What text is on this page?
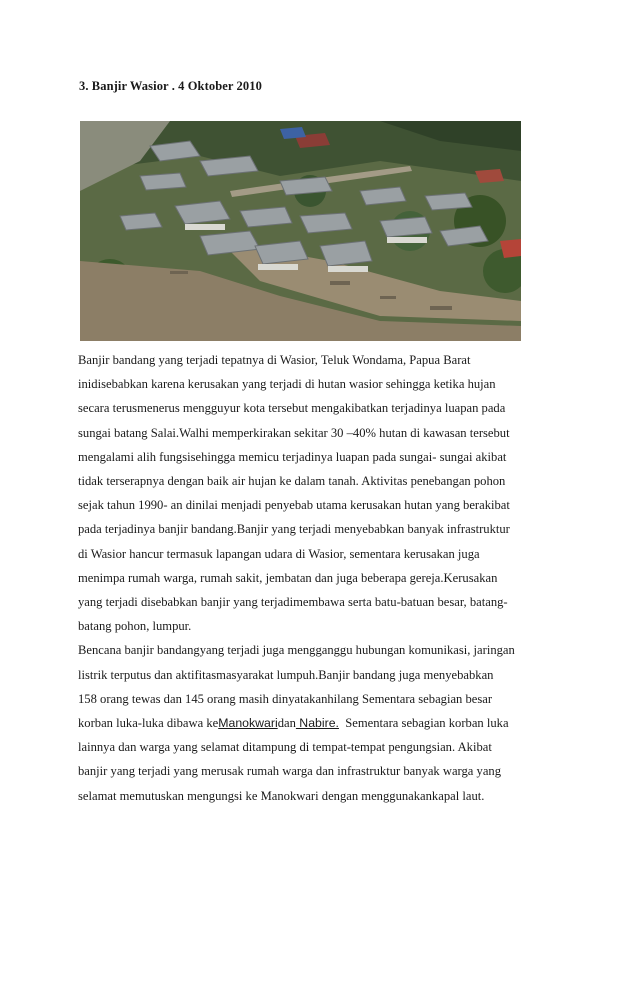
3. Banjir Wasior . 4 Oktober 2010
Banjir bandang yang terjadi tepatnya di Wasior, Teluk Wondama, Papua Barat
inidisebabkan karena kerusakan yang terjadi di hutan wasior sehingga ketika hujan
secara terusmenerus mengguyur kota tersebut mengakibatkan terjadinya luapan pada
sungai batang Salai.Walhi memperkirakan sekitar 30 –40% hutan di kawasan tersebut
mengalami alih fungsisehingga memicu terjadinya luapan pada sungai- sungai akibat
tidak terserapnya dengan baik air hujan ke dalam tanah. Aktivitas penebangan pohon
sejak tahun 1990- an dinilai menjadi penyebab utama kerusakan hutan yang berakibat
pada terjadinya banjir bandang.Banjir yang terjadi menyebabkan banyak infrastruktur
di Wasior hancur termasuk lapangan udara di Wasior, sementara kerusakan juga
menimpa rumah warga, rumah sakit, jembatan dan juga beberapa gereja.Kerusakan
yang terjadi disebabkan banjir yang terjadimembawa serta batu-batuan besar, batang-
batang pohon, lumpur.
Bencana banjir bandangyang terjadi juga mengganggu hubungan komunikasi, jaringan
listrik terputus dan aktifitasmasyarakat lumpuh.Banjir bandang juga menyebabkan
158 orang tewas dan 145 orang masih dinyatakanhilang Sementara sebagian besar
korban luka-luka dibawa keManokwaridan Nabire.  Sementara sebagian korban luka
lainnya dan warga yang selamat ditampung di tempat-tempat pengungsian. Akibat
banjir yang terjadi yang merusak rumah warga dan infrastruktur banyak warga yang
selamat memutuskan mengungsi ke Manokwari dengan menggunakankapal laut.
